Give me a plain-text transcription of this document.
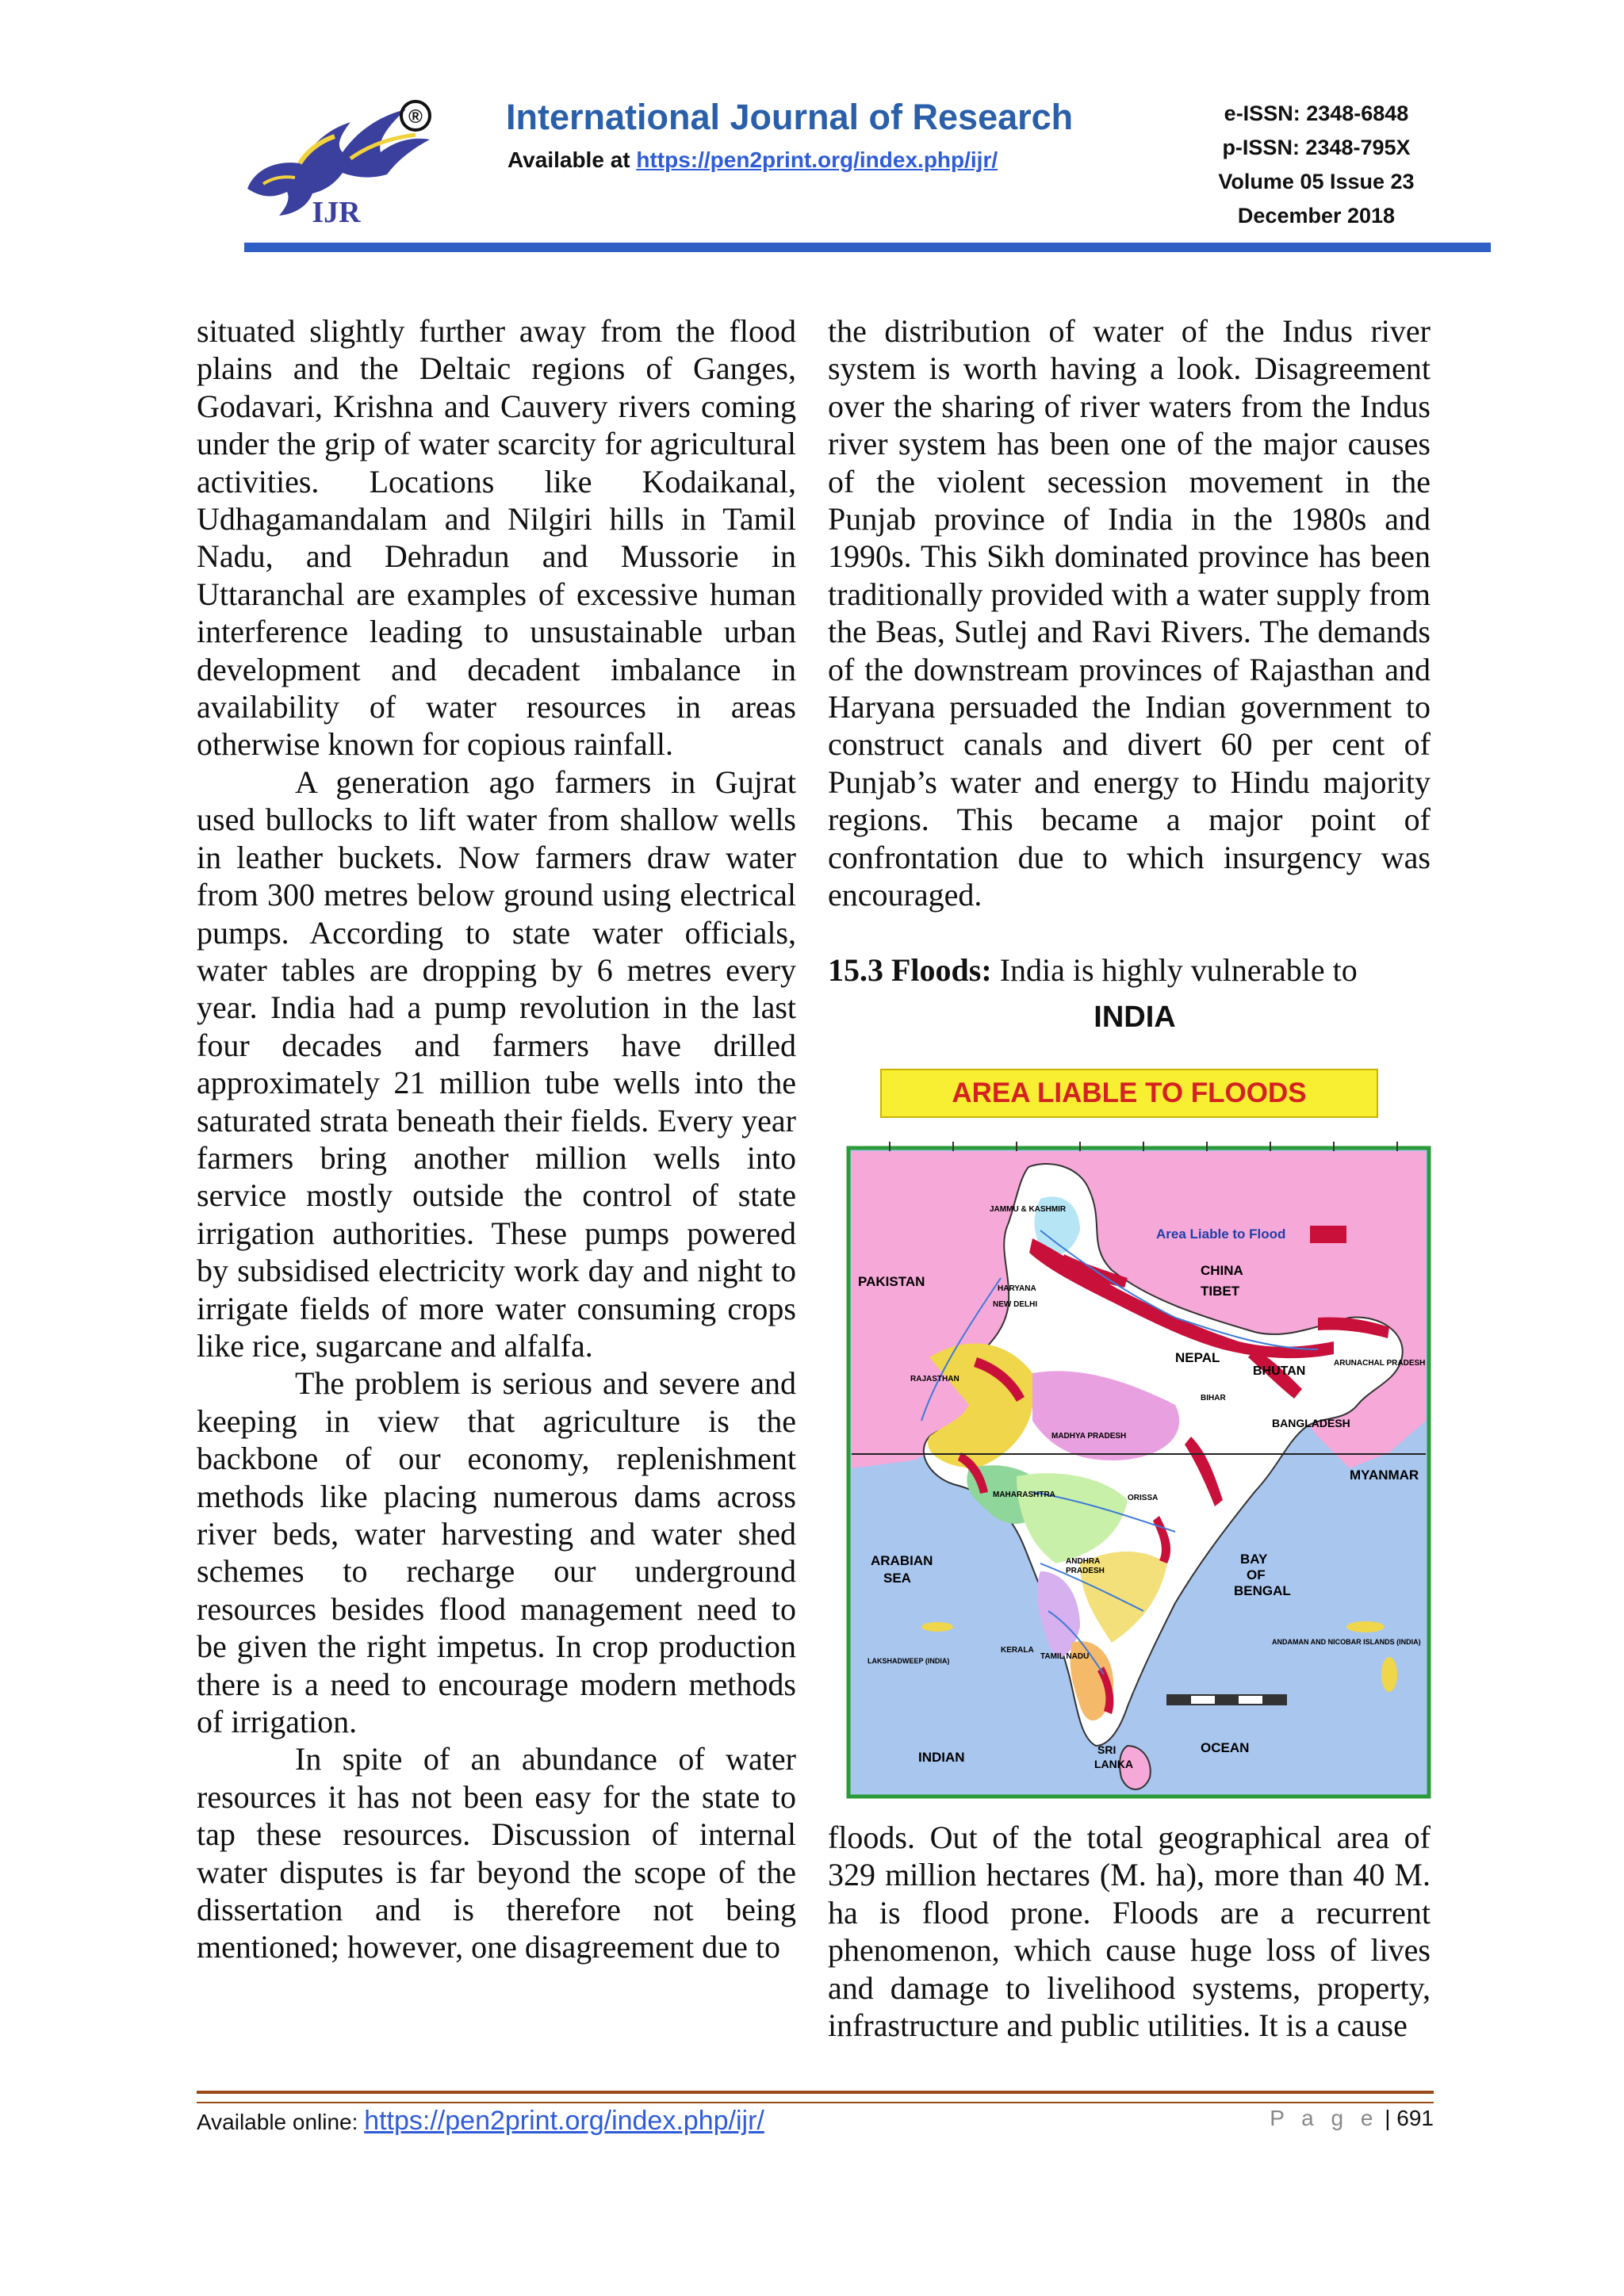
®
IJR
International Journal of Research
Available at https://pen2print.org/index.php/ijr/
e-ISSN: 2348-6848
p-ISSN: 2348-795X
Volume 05 Issue 23
December 2018

situated slightly further away from the flood plains and the Deltaic regions of Ganges, Godavari, Krishna and Cauvery rivers coming under the grip of water scarcity for agricultural activities. Locations like Kodaikanal, Udhagamandalam and Nilgiri hills in Tamil Nadu, and Dehradun and Mussorie in Uttaranchal are examples of excessive human interference leading to unsustainable urban development and decadent imbalance in availability of water resources in areas otherwise known for copious rainfall.

A generation ago farmers in Gujrat used bullocks to lift water from shallow wells in leather buckets. Now farmers draw water from 300 metres below ground using electrical pumps. According to state water officials, water tables are dropping by 6 metres every year. India had a pump revolution in the last four decades and farmers have drilled approximately 21 million tube wells into the saturated strata beneath their fields. Every year farmers bring another million wells into service mostly outside the control of state irrigation authorities. These pumps powered by subsidised electricity work day and night to irrigate fields of more water consuming crops like rice, sugarcane and alfalfa.

The problem is serious and severe and keeping in view that agriculture is the backbone of our economy, replenishment methods like placing numerous dams across river beds, water harvesting and water shed schemes to recharge our underground resources besides flood management need to be given the right impetus. In crop production there is a need to encourage modern methods of irrigation.

In spite of an abundance of water resources it has not been easy for the state to tap these resources. Discussion of internal water disputes is far beyond the scope of the dissertation and is therefore not being mentioned; however, one disagreement due to

the distribution of water of the Indus river system is worth having a look. Disagreement over the sharing of river waters from the Indus river system has been one of the major causes of the violent secession movement in the Punjab province of India in the 1980s and 1990s. This Sikh dominated province has been traditionally provided with a water supply from the Beas, Sutlej and Ravi Rivers. The demands of the downstream provinces of Rajasthan and Haryana persuaded the Indian government to construct canals and divert 60 per cent of Punjab’s water and energy to Hindu majority regions. This became a major point of confrontation due to which insurgency was encouraged.

15.3 Floods: India is highly vulnerable to

INDIA
AREA LIABLE TO FLOODS
Area Liable to Flood
PAKISTAN
CHINA
TIBET
NEPAL
BHUTAN
BANGLADESH
MYANMAR
ARABIAN
SEA
BAY
OF
BENGAL
INDIAN
OCEAN
SRI
LANKA
JAMMU & KASHMIR
RAJASTHAN
MADHYA PRADESH
MAHARASHTRA	ORISSA
ANDHRA
PRADESH
TAMIL NADU
KERALA
LAKSHADWEEP (INDIA)
ANDAMAN AND NICOBAR ISLANDS (INDIA)
ARUNACHAL PRADESH
BIHAR
NEW DELHI
HARYANA

floods. Out of the total geographical area of 329 million hectares (M. ha), more than 40 M. ha is flood prone. Floods are a recurrent phenomenon, which cause huge loss of lives and damage to livelihood systems, property, infrastructure and public utilities. It is a cause

Available online: https://pen2print.org/index.php/ijr/	P a g e | 691
